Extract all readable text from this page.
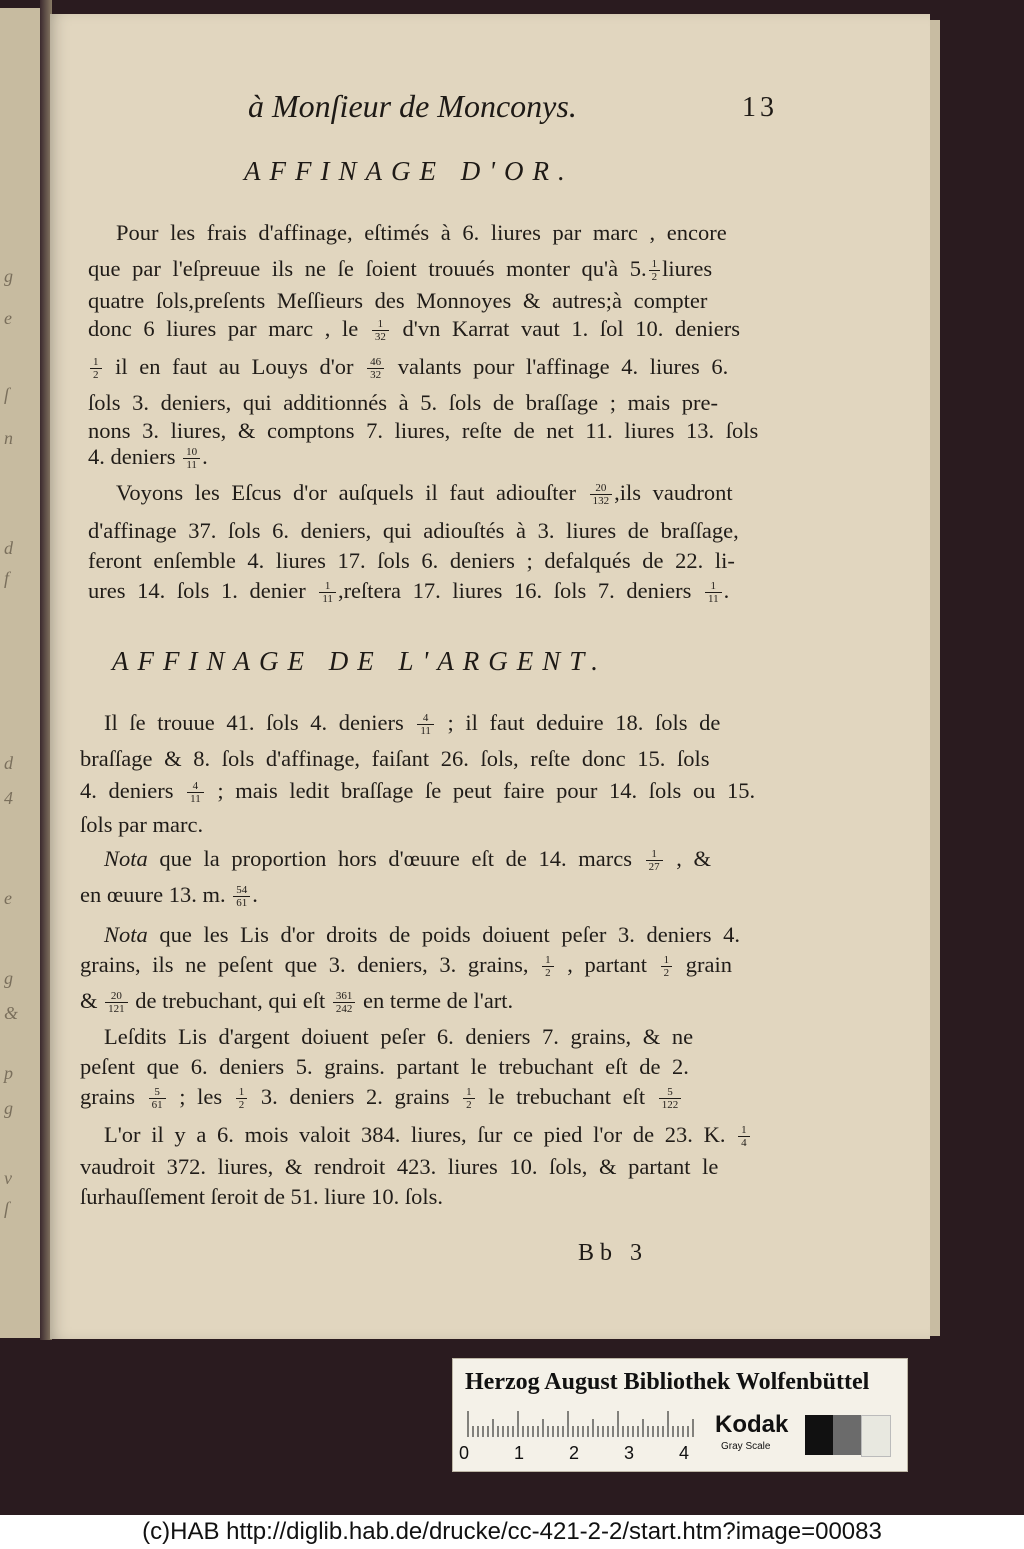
g
e
ſ
n
d
f
d
4
e
g
&
p
g
v
ſ
à Monſieur de Monconys.	13
AFFINAGE D'OR.
Pour les frais d'affinage, eſtimés à 6. liures par marc , encore
que par l'eſpreuue ils ne ſe ſoient trouués monter qu'à 5. $\frac{1}{2}$ liures
quatre ſols,preſents Meſſieurs des Monnoyes & autres;à compter
donc 6 liures par marc , le $\frac{1}{32} d'vn$ Karrat vaut 1. ſol 10. deniers
$\frac{1}{2}$ il en faut au Louys $d'or \frac{46}{32}$ valants pour l'affinage 4. liures 6.
ſols 3. deniers, qui additionnés à 5. ſols de braſſage ; mais pre-
nons 3. liures, & comptons 7. liures, reſte de net 11. liures 13. ſols
4. deniers $\frac{10}{11}$ .
Voyons les Eſcus d'or auſquels il faut adiouſter $\frac{20}{132} ,ils$ vaudront
d'affinage 37. ſols 6. deniers, qui adiouſtés à 3. liures de braſſage,
feront enſemble 4. liures 17. ſols 6. deniers ; defalqués de 22. li-
ures 14. ſols 1. denier $\frac{1}{11}$ ,reſtera 17. liures 16. ſols 7. deniers $\frac{1}{11}$ .
AFFINAGE DE L'ARGENT.
Il ſe trouue 41. ſols 4. deniers $\frac{4}{11}$ ; il faut deduire 18. ſols de
braſſage & 8. ſols d'affinage, faiſant 26. ſols, reſte donc 15. ſols
4. deniers $\frac{4}{11}$ ; mais ledit braſſage ſe peut faire pour 14. ſols ou 15.
ſols par marc.
Nota que la proportion hors d'œuure eſt de 14. marcs $\frac{1}{27}$ , &
en œuure 13. m. $\frac{54}{61}$ .
Nota que les Lis d'or droits de poids doiuent peſer 3. deniers 4.
grains, ils ne peſent que 3. deniers, 3. grains, $\frac{1}{2}$ , partant $\frac{1}{2}$ grain
& $\frac{20}{121}$ de trebuchant, qui eſt $\frac{361}{242}$ en terme de l'art.
Leſdits Lis d'argent doiuent peſer 6. deniers 7. grains, & ne
peſent que 6. deniers 5. grains. partant le trebuchant eſt de 2.
grains $\frac{5}{61}$ ; les $\frac{1}{2} 3$. deniers 2. grains $\frac{1}{2}$ le trebuchant eſt $\frac{5}{122}$
L'or il y a 6. mois valoit 384. liures, ſur ce pied l'or de 23. K. $\frac{1}{4}$
vaudroit 372. liures, & rendroit 423. liures 10. ſols, & partant le
ſurhauſſement ſeroit de 51. liure 10. ſols.
Bb 3
Herzog August Bibliothek Wolfenbüttel
0 1 2 3 4
Kodak
Gray Scale
(c)HAB http://diglib.hab.de/drucke/cc-421-2-2/start.htm?image=00083
